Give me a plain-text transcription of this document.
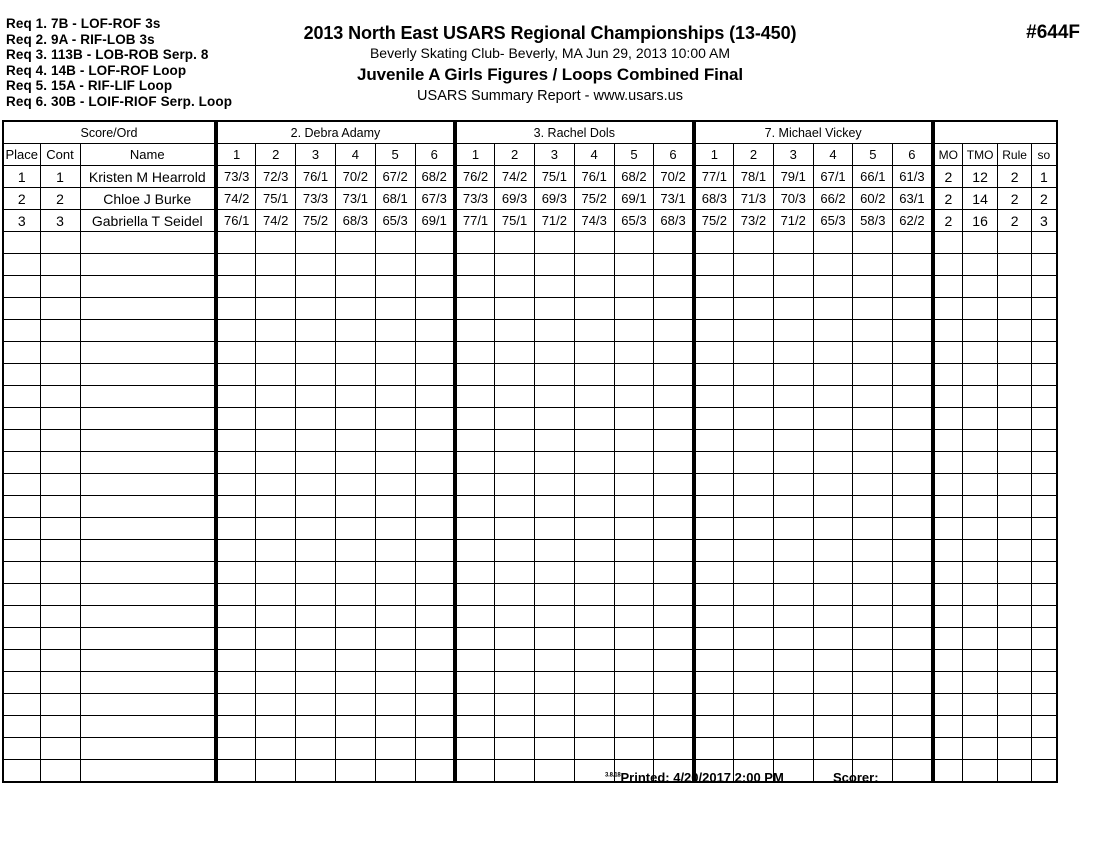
Req 1. 7B - LOF-ROF 3s
Req 2. 9A - RIF-LOB 3s
Req 3. 113B - LOB-ROB Serp. 8
Req 4. 14B - LOF-ROF Loop
Req 5. 15A - RIF-LIF Loop
Req 6. 30B - LOIF-RIOF Serp. Loop
2013 North East USARS Regional Championships (13-450)
Beverly Skating Club- Beverly, MA Jun 29, 2013 10:00 AM
Juvenile A Girls Figures / Loops Combined Final
USARS Summary Report - www.usars.us
#644F
Score/Ord			2. Debra Adamy						3. Rachel Dols						7. Michael Vickey									
Place	Cont	Name	1	2	3	4	5	6	1	2	3	4	5	6	1	2	3	4	5	6	MO	TMO	Rule	so
1	1	Kristen M Hearrold	73/3	72/3	76/1	70/2	67/2	68/2	76/2	74/2	75/1	76/1	68/2	70/2	77/1	78/1	79/1	67/1	66/1	61/3	2	12	2	1
2	2	Chloe J Burke	74/2	75/1	73/3	73/1	68/1	67/3	73/3	69/3	69/3	75/2	69/1	73/1	68/3	71/3	70/3	66/2	60/2	63/1	2	14	2	2
3	3	Gabriella T Seidel	76/1	74/2	75/2	68/3	65/3	69/1	77/1	75/1	71/2	74/3	65/3	68/3	75/2	73/2	71/2	65/3	58/3	62/2	2	16	2	3

$^{3.8.18}$Printed: 4/20/2017 2:00 PM	Scorer:
